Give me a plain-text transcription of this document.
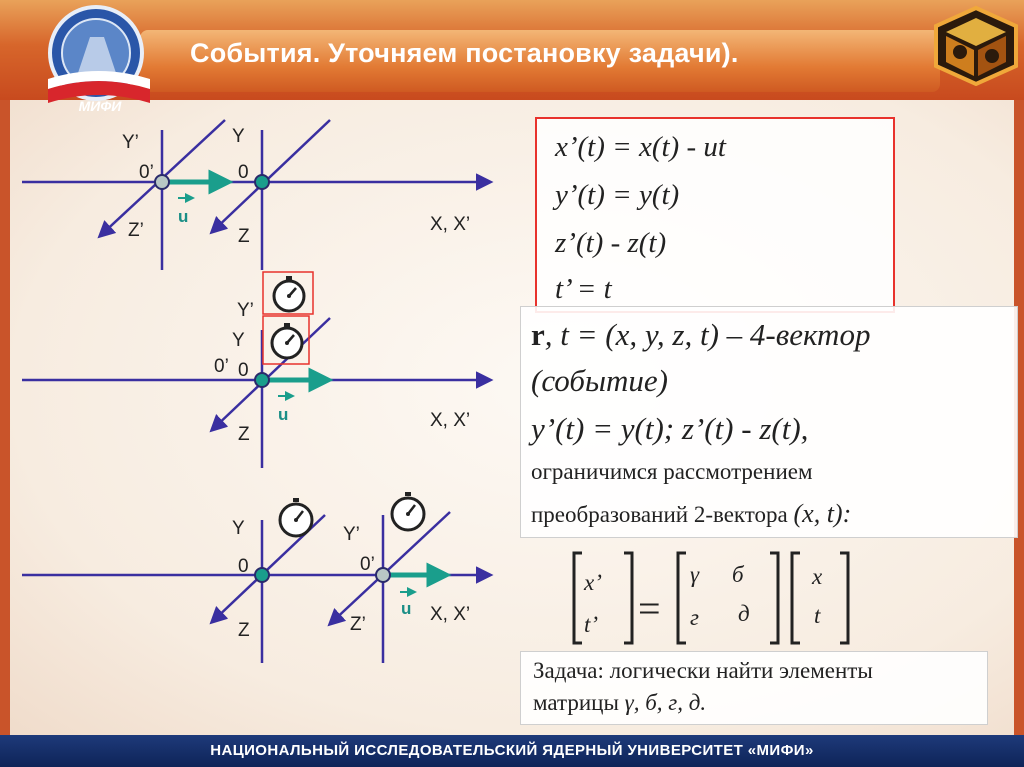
МИФИ
События. Уточняем постановку задачи).
НАЦИОНАЛЬНЫЙ ИССЛЕДОВАТЕЛЬСКИЙ ЯДЕРНЫЙ УНИВЕРСИТЕТ «МИФИ»
Y’	Y
0’	0
Z’	Z
u	X, X’
Y’
Y
0’ 0
Z
u	X, X’
Y	Y’
0	0’
Z	Z’
u X, X’
x’
t’ =
γ б
г д
x
t
x’(t) = x(t) - ut
y’(t) = y(t)
z’(t) - z(t)
t’ = t
r, t = (x, y, z, t) – 4-вектор
(событие)
y’(t) = y(t); z’(t) - z(t),
ограничимся рассмотрением
преобразований 2-вектора (x, t):
Задача: логически найти элементы
матрицы γ, б, г, д.
